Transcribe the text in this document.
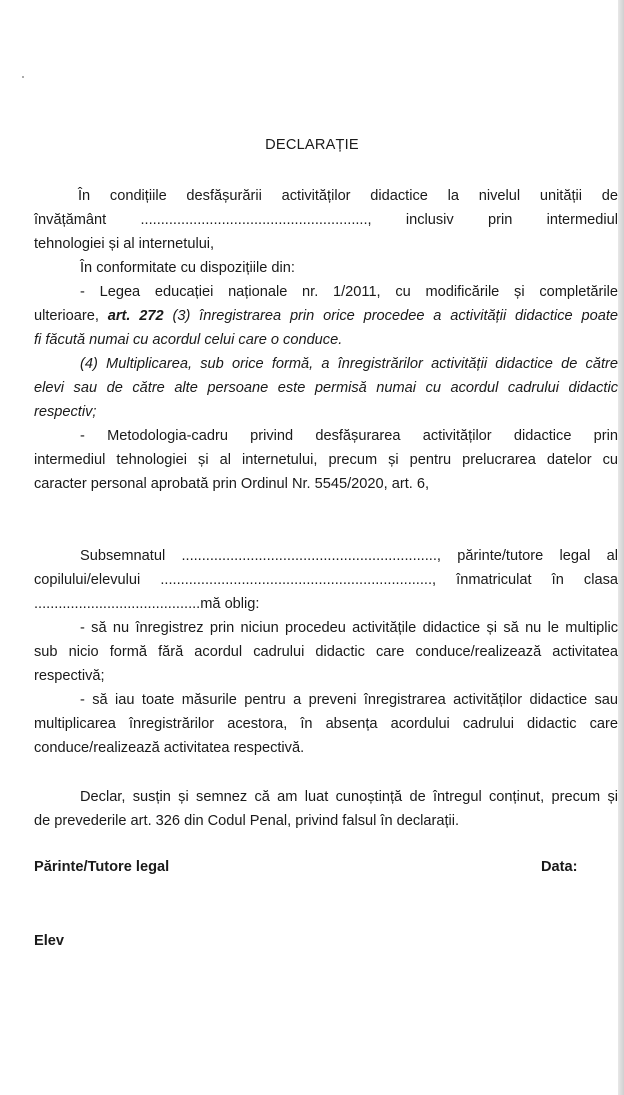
DECLARAȚIE
În condițiile desfășurării activităților didactice la nivelul unității de
învățământ ........................................................, inclusiv prin intermediul
tehnologiei și al internetului,
În conformitate cu dispozițiile din:
- Legea educației naționale nr. 1/2011, cu modificările și completările
ulterioare, art. 272 (3) înregistrarea prin orice procedee a activității didactice poate
fi făcută numai cu acordul celui care o conduce.
(4) Multiplicarea, sub orice formă, a înregistrărilor activității didactice de către
elevi sau de către alte persoane este permisă numai cu acordul cadrului didactic
respectiv;
- Metodologia-cadru privind desfășurarea activităților didactice prin
intermediul tehnologiei și al internetului, precum și pentru prelucrarea datelor cu
caracter personal aprobată prin Ordinul Nr. 5545/2020, art. 6,
Subsemnatul ..............................................................., părinte/tutore legal al
copilului/elevului ..................................................................., înmatriculat în clasa
.........................................mă oblig:
- să nu înregistrez prin niciun procedeu activitățile didactice și să nu le multiplic
sub nicio formă fără acordul cadrului didactic care conduce/realizează activitatea
respectivă;
- să iau toate măsurile pentru a preveni înregistrarea activităților didactice sau
multiplicarea înregistrărilor acestora, în absența acordului cadrului didactic care
conduce/realizează activitatea respectivă.
Declar, susțin și semnez că am luat cunoștință de întregul conținut, precum și
de prevederile art. 326 din Codul Penal, privind falsul în declarații.
Părinte/Tutore legal	Data:
Elev
